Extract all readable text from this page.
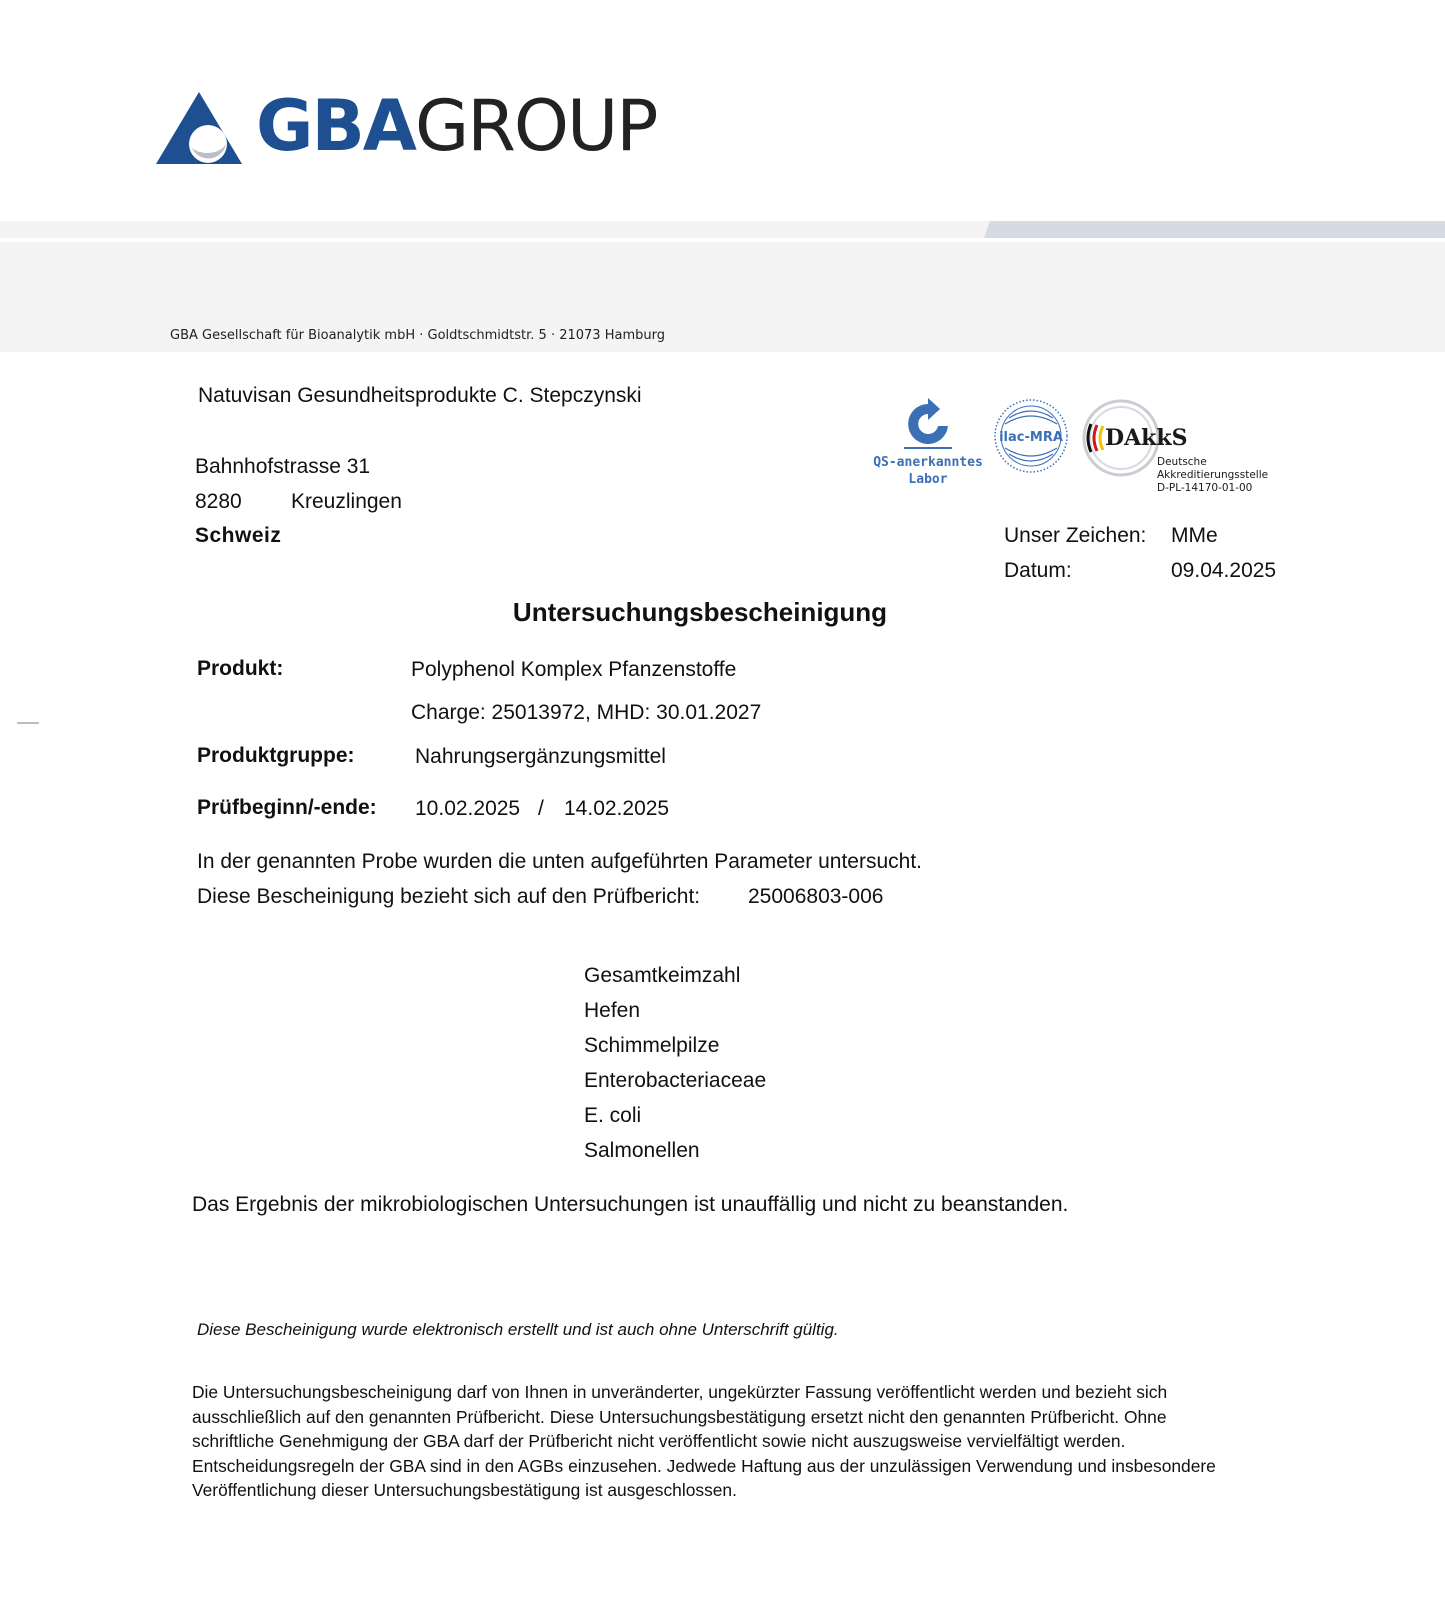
GBAGROUP
GBA Gesellschaft für Bioanalytik mbH · Goldtschmidtstr. 5 · 21073 Hamburg
Natuvisan Gesundheitsprodukte C. Stepczynski
Bahnhofstrasse 31
8280 Kreuzlingen
Schweiz
QS-anerkanntes
Labor
ilac-MRA DAkkS
Deutsche
Akkreditierungsstelle
D-PL-14170-01-00
Unser Zeichen: MMe
Datum:	09.04.2025
Untersuchungsbescheinigung
Produkt:	Polyphenol Komplex Pfanzenstoffe
Charge: 25013972, MHD: 30.01.2027
Produktgruppe:	Nahrungsergänzungsmittel
Prüfbeginn/-ende: 10.02.2025 / 14.02.2025
In der genannten Probe wurden die unten aufgeführten Parameter untersucht.
Diese Bescheinigung bezieht sich auf den Prüfbericht: 25006803-006
Gesamtkeimzahl
Hefen
Schimmelpilze
Enterobacteriaceae
E. coli
Salmonellen
Das Ergebnis der mikrobiologischen Untersuchungen ist unauffällig und nicht zu beanstanden.
Diese Bescheinigung wurde elektronisch erstellt und ist auch ohne Unterschrift gültig.
Die Untersuchungsbescheinigung darf von Ihnen in unveränderter, ungekürzter Fassung veröffentlicht werden und bezieht sich
ausschließlich auf den genannten Prüfbericht. Diese Untersuchungsbestätigung ersetzt nicht den genannten Prüfbericht. Ohne
schriftliche Genehmigung der GBA darf der Prüfbericht nicht veröffentlicht sowie nicht auszugsweise vervielfältigt werden.
Entscheidungsregeln der GBA sind in den AGBs einzusehen. Jedwede Haftung aus der unzulässigen Verwendung und insbesondere
Veröffentlichung dieser Untersuchungsbestätigung ist ausgeschlossen.
